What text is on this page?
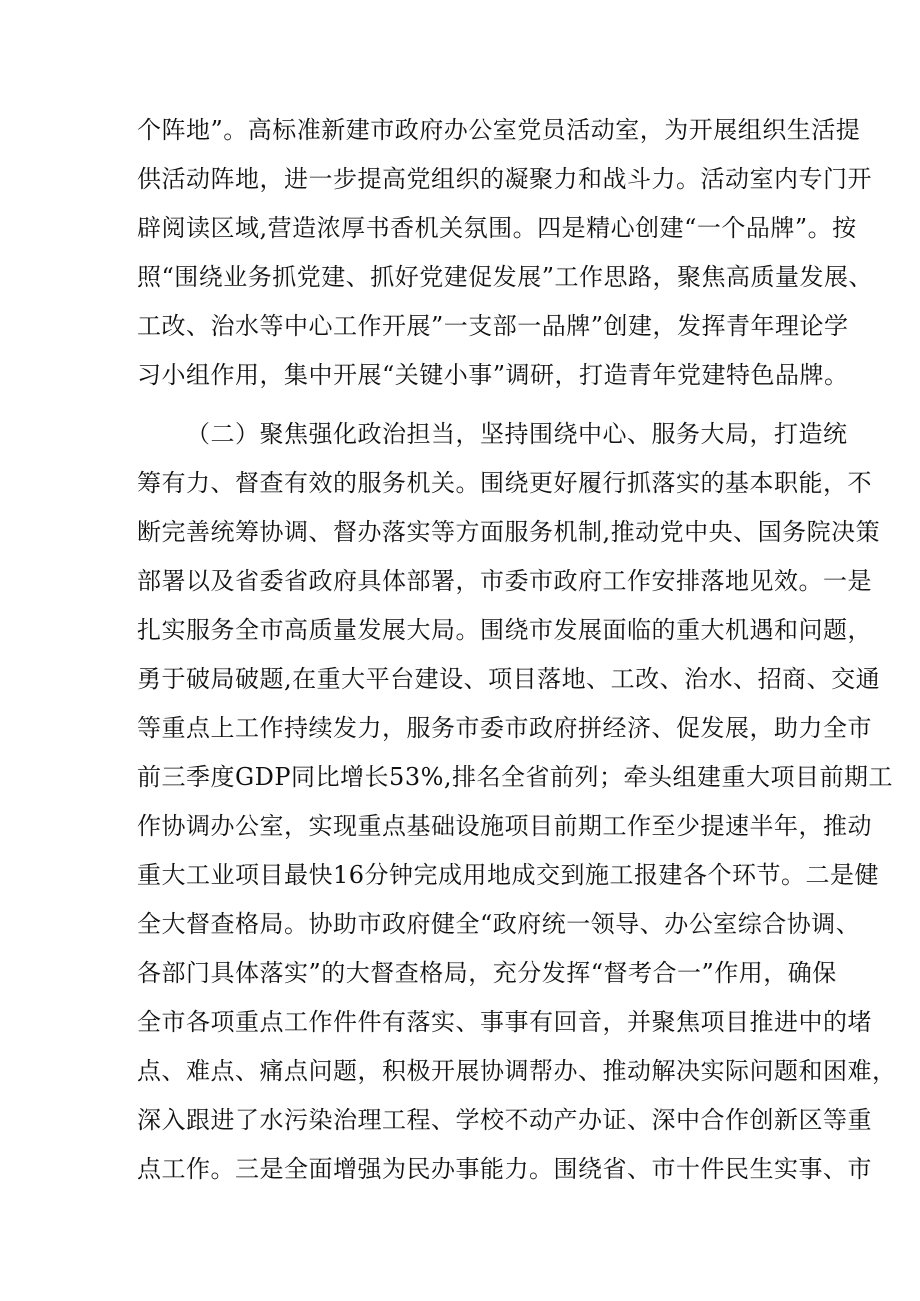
个阵地”。高标准新建市政府办公室党员活动室，为开展组织生活提
供活动阵地，进一步提高党组织的凝聚力和战斗力。活动室内专门开
辟阅读区域,营造浓厚书香机关氛围。四是精心创建“一个品牌”。按
照“围绕业务抓党建、抓好党建促发展”工作思路，聚焦高质量发展、
工改、治水等中心工作开展”一支部一品牌”创建，发挥青年理论学
习小组作用，集中开展“关键小事”调研，打造青年党建特色品牌。
（二）聚焦强化政治担当，坚持围绕中心、服务大局，打造统
筹有力、督查有效的服务机关。围绕更好履行抓落实的基本职能，不
断完善统筹协调、督办落实等方面服务机制,推动党中央、国务院决策
部署以及省委省政府具体部署，市委市政府工作安排落地见效。一是
扎实服务全市高质量发展大局。围绕市发展面临的重大机遇和问题，
勇于破局破题,在重大平台建设、项目落地、工改、治水、招商、交通
等重点上工作持续发力，服务市委市政府拼经济、促发展，助力全市
前三季度GDP同比增长53%,排名全省前列；牵头组建重大项目前期工
作协调办公室，实现重点基础设施项目前期工作至少提速半年，推动
重大工业项目最快16分钟完成用地成交到施工报建各个环节。二是健
全大督查格局。协助市政府健全“政府统一领导、办公室综合协调、
各部门具体落实”的大督查格局，充分发挥“督考合一”作用，确保
全市各项重点工作件件有落实、事事有回音，并聚焦项目推进中的堵
点、难点、痛点问题，积极开展协调帮办、推动解决实际问题和困难，
深入跟进了水污染治理工程、学校不动产办证、深中合作创新区等重
点工作。三是全面增强为民办事能力。围绕省、市十件民生实事、市
